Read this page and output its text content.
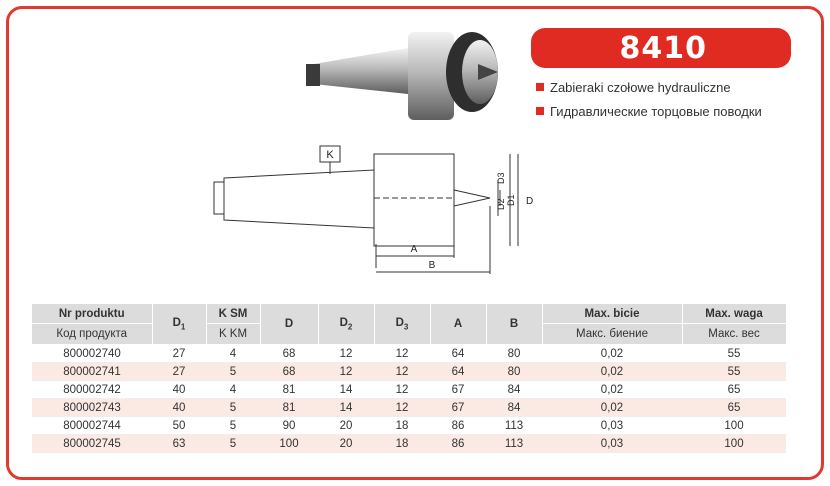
8410
Zabieraki czołowe hydrauliczne
Гидравлические торцовые поводки
K
A
B
D
D1
D2
D3
Nr produktu	$D_1$	K SM	D	$D_2$	$D_3$	A	B	Max. bicie	Max. waga
Код продукта		K KM						Макс. биение	Макс. вес
800002740	27	4	68	12	12	64	80	0,02	55
800002741	27	5	68	12	12	64	80	0,02	55
800002742	40	4	81	14	12	67	84	0,02	65
800002743	40	5	81	14	12	67	84	0,02	65
800002744	50	5	90	20	18	86	113	0,03	100
800002745	63	5	100	20	18	86	113	0,03	100
